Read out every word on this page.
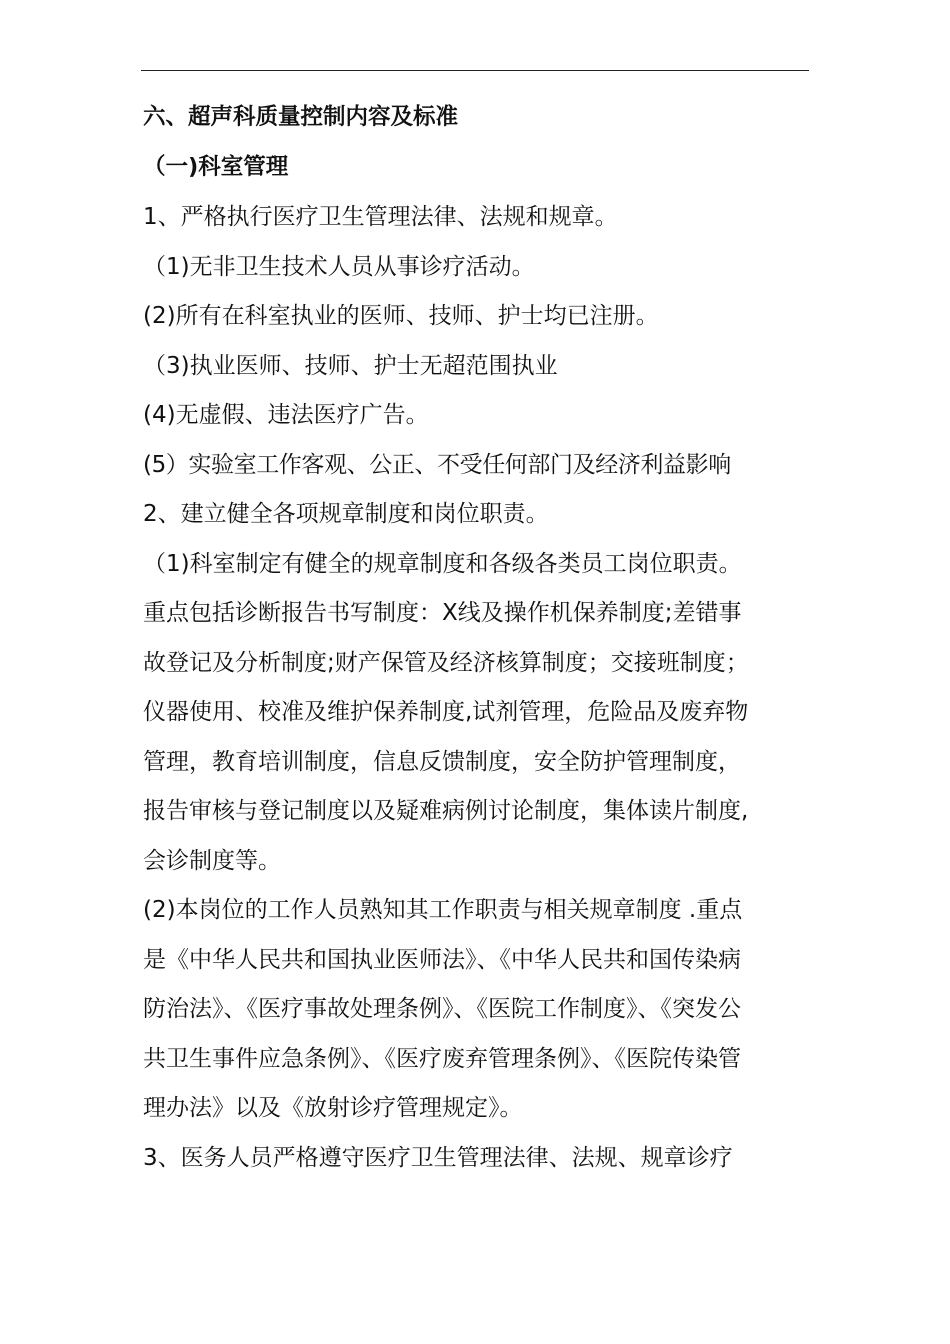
六、超声科质量控制内容及标准
（一)科室管理
1、严格执行医疗卫生管理法律、法规和规章。
（1)无非卫生技术人员从事诊疗活动。
(2)所有在科室执业的医师、技师、护士均已注册。
（3)执业医师、技师、护士无超范围执业
(4)无虚假、违法医疗广告。
(5）实验室工作客观、公正、不受任何部门及经济利益影响
2、建立健全各项规章制度和岗位职责。
（1)科室制定有健全的规章制度和各级各类员工岗位职责。
重点包括诊断报告书写制度：X线及操作机保养制度;差错事
故登记及分析制度;财产保管及经济核算制度；交接班制度；
仪器使用、校准及维护保养制度,试剂管理，危险品及废弃物
管理，教育培训制度，信息反馈制度，安全防护管理制度，
报告审核与登记制度以及疑难病例讨论制度，集体读片制度,
会诊制度等。
(2)本岗位的工作人员熟知其工作职责与相关规章制度 .重点
是《中华人民共和国执业医师法》、《中华人民共和国传染病
防治法》、《医疗事故处理条例》、《医院工作制度》、《突发公
共卫生事件应急条例》、《医疗废弃管理条例》、《医院传染管
理办法》以及《放射诊疗管理规定》。
3、医务人员严格遵守医疗卫生管理法律、法规、规章诊疗
